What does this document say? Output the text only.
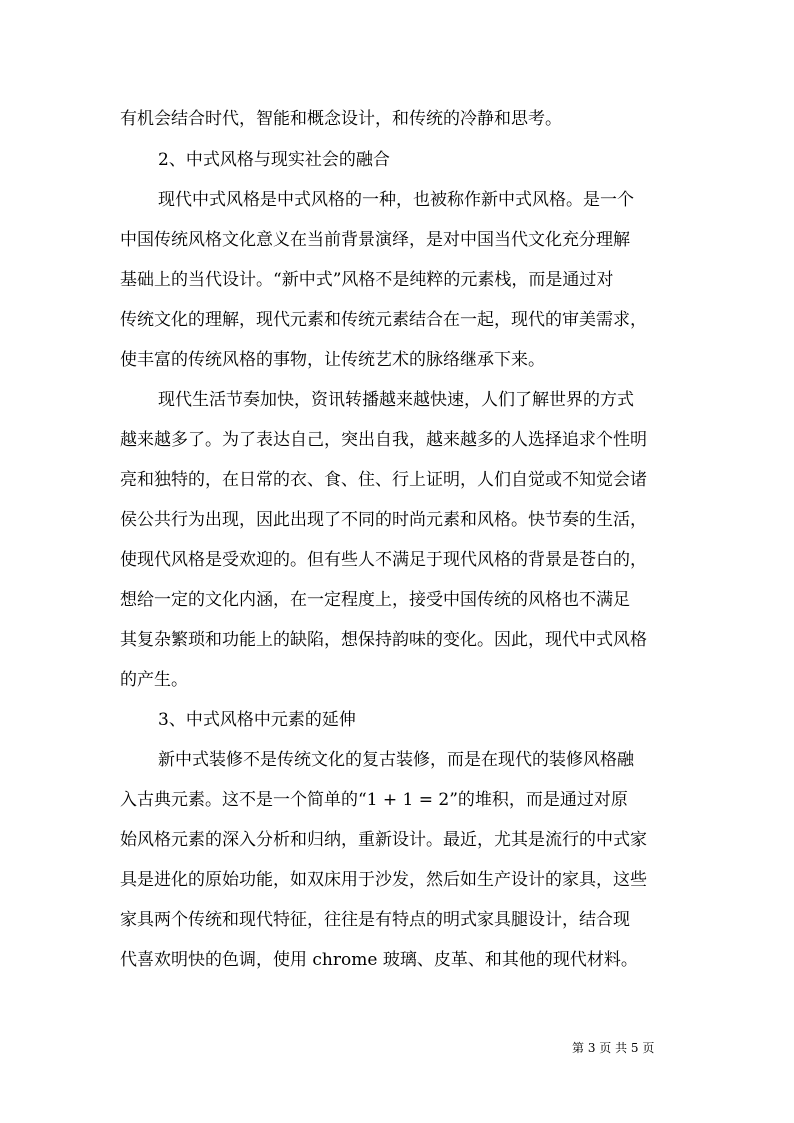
有机会结合时代，智能和概念设计，和传统的冷静和思考。
2、中式风格与现实社会的融合
现代中式风格是中式风格的一种，也被称作新中式风格。是一个
中国传统风格文化意义在当前背景演绎，是对中国当代文化充分理解
基础上的当代设计。“新中式”风格不是纯粹的元素栈，而是通过对
传统文化的理解，现代元素和传统元素结合在一起，现代的审美需求，
使丰富的传统风格的事物，让传统艺术的脉络继承下来。
现代生活节奏加快，资讯转播越来越快速，人们了解世界的方式
越来越多了。为了表达自己，突出自我，越来越多的人选择追求个性明
亮和独特的，在日常的衣、食、住、行上证明，人们自觉或不知觉会诸
侯公共行为出现，因此出现了不同的时尚元素和风格。快节奏的生活，
使现代风格是受欢迎的。但有些人不满足于现代风格的背景是苍白的，
想给一定的文化内涵，在一定程度上，接受中国传统的风格也不满足
其复杂繁琐和功能上的缺陷，想保持韵味的变化。因此，现代中式风格
的产生。
3、中式风格中元素的延伸
新中式装修不是传统文化的复古装修，而是在现代的装修风格融
入古典元素。这不是一个简单的“1 + 1 = 2”的堆积，而是通过对原
始风格元素的深入分析和归纳，重新设计。最近，尤其是流行的中式家
具是进化的原始功能，如双床用于沙发，然后如生产设计的家具，这些
家具两个传统和现代特征，往往是有特点的明式家具腿设计，结合现
代喜欢明快的色调，使用 chrome 玻璃、皮革、和其他的现代材料。
第 3 页 共 5 页
